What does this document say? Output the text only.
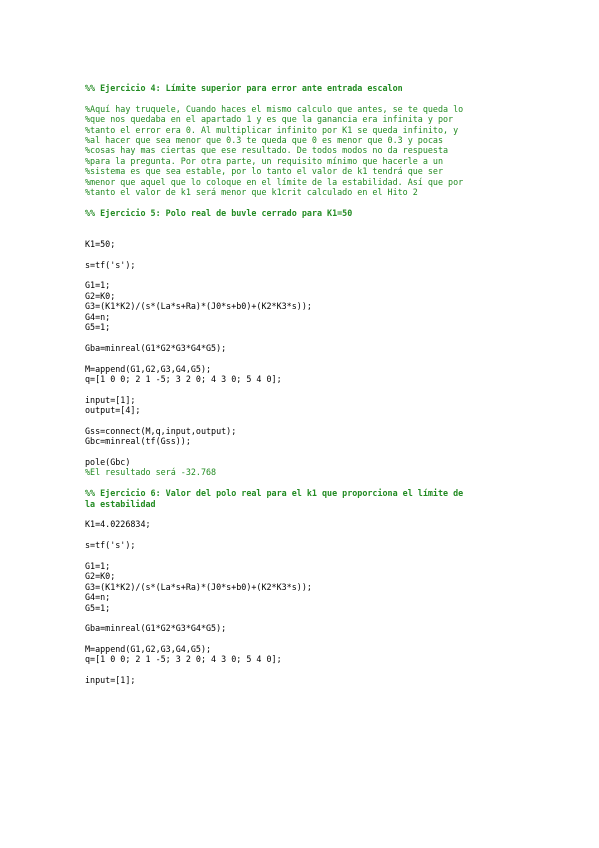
%% Ejercicio 4: Límite superior para error ante entrada escalon
%Aquí hay truquele, Cuando haces el mismo calculo que antes, se te queda lo
%que nos quedaba en el apartado 1 y es que la ganancia era infinita y por
%tanto el error era 0. Al multiplicar infinito por K1 se queda infinito, y
%al hacer que sea menor que 0.3 te queda que 0 es menor que 0.3 y pocas
%cosas hay mas ciertas que ese resultado. De todos modos no da respuesta
%para la pregunta. Por otra parte, un requisito mínimo que hacerle a un
%sistema es que sea estable, por lo tanto el valor de k1 tendrá que ser
%menor que aquel que lo coloque en el límite de la estabilidad. Así que por
%tanto el valor de k1 será menor que k1crit calculado en el Hito 2
%% Ejercicio 5: Polo real de buvle cerrado para K1=50
K1=50;
s=tf('s');
G1=1;
G2=K0;
G3=(K1*K2)/(s*(La*s+Ra)*(J0*s+b0)+(K2*K3*s));
G4=n;
G5=1;
Gba=minreal(G1*G2*G3*G4*G5);
M=append(G1,G2,G3,G4,G5);
q=[1 0 0; 2 1 -5; 3 2 0; 4 3 0; 5 4 0];
input=[1];
output=[4];
Gss=connect(M,q,input,output);
Gbc=minreal(tf(Gss));
pole(Gbc)
%El resultado será -32.768
%% Ejercicio 6: Valor del polo real para el k1 que proporciona el límite de
la estabilidad
K1=4.0226834;
s=tf('s');
G1=1;
G2=K0;
G3=(K1*K2)/(s*(La*s+Ra)*(J0*s+b0)+(K2*K3*s));
G4=n;
G5=1;
Gba=minreal(G1*G2*G3*G4*G5);
M=append(G1,G2,G3,G4,G5);
q=[1 0 0; 2 1 -5; 3 2 0; 4 3 0; 5 4 0];
input=[1];
